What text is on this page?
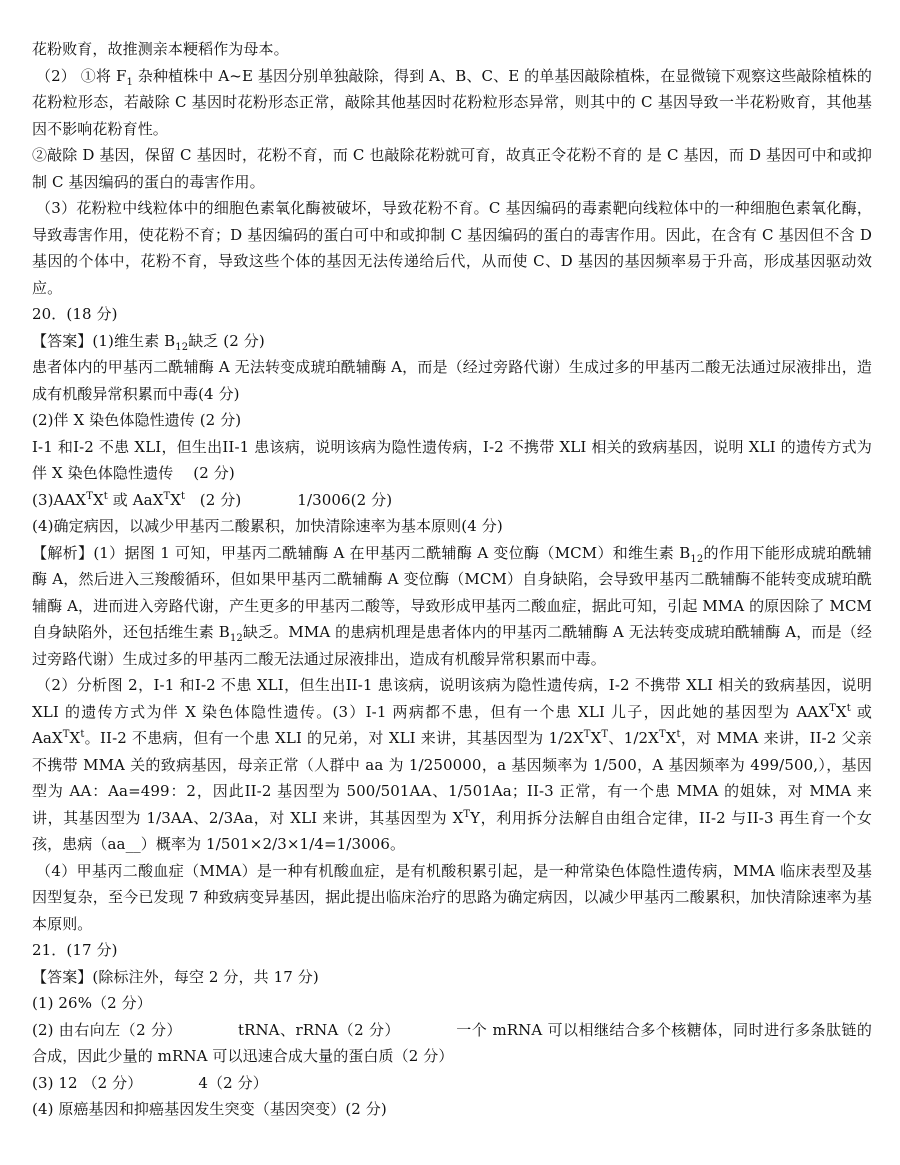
花粉败育，故推测亲本粳稻作为母本。

（2） ①将 $F_1$ 杂种植株中 A~E 基因分别单独敲除，得到 A、B、C、E 的单基因敲除植株，在显微镜下观察这些敲除植株的花粉粒形态，若敲除 C 基因时花粉形态正常，敲除其他基因时花粉粒形态异常，则其中的 C 基因导致一半花粉败育，其他基因不影响花粉育性。

②敲除 D 基因，保留 C 基因时，花粉不育，而 C 也敲除花粉就可育，故真正令花粉不育的 是 C 基因，而 D 基因可中和或抑制 C 基因编码的蛋白的毒害作用。

（3）花粉粒中线粒体中的细胞色素氧化酶被破坏，导致花粉不育。C 基因编码的毒素靶向线粒体中的一种细胞色素氧化酶，导致毒害作用，使花粉不育；D 基因编码的蛋白可中和或抑制 C 基因编码的蛋白的毒害作用。因此，在含有 C 基因但不含 D 基因的个体中，花粉不育，导致这些个体的基因无法传递给后代，从而使 C、D 基因的基因频率易于升高，形成基因驱动效应。

20．(18 分)

【答案】(1)维生素 $B_{12}$缺乏 (2 分)

患者体内的甲基丙二酰辅酶 A 无法转变成琥珀酰辅酶 A，而是（经过旁路代谢）生成过多的甲基丙二酸无法通过尿液排出，造成有机酸异常积累而中毒(4 分)

(2)伴 X 染色体隐性遗传 (2 分)

I-1 和I-2 不患 XLI，但生出II-1 患该病，说明该病为隐性遗传病，I-2 不携带 XLI 相关的致病基因，说明 XLI 的遗传方式为伴 X 染色体隐性遗传　 (2 分)

$(3)AAX^TX^t$ 或 $AaX^TX^t$   (2 分)	1/3006(2 分)

(4)确定病因，以减少甲基丙二酸累积，加快清除速率为基本原则(4 分)

【解析】(1）据图 1 可知，甲基丙二酰辅酶 A 在甲基丙二酰辅酶 A 变位酶（MCM）和维生素 $B_{12}$的作用下能形成琥珀酰辅酶 A，然后进入三羧酸循环，但如果甲基丙二酰辅酶 A 变位酶（MCM）自身缺陷，会导致甲基丙二酰辅酶不能转变成琥珀酰辅酶 A，进而进入旁路代谢，产生更多的甲基丙二酸等，导致形成甲基丙二酸血症，据此可知，引起 MMA 的原因除了 MCM 自身缺陷外，还包括维生素 $B_{12}$缺乏。MMA 的患病机理是患者体内的甲基丙二酰辅酶 A 无法转变成琥珀酰辅酶 A，而是（经过旁路代谢）生成过多的甲基丙二酸无法通过尿液排出，造成有机酸异常积累而中毒。

（2）分析图 2，I-1 和I-2 不患 XLI，但生出II-1 患该病，说明该病为隐性遗传病，I-2 不携带 XLI 相关的致病基因，说明 XLI 的遗传方式为伴 X 染色体隐性遗传。(3）I-1 两病都不患，但有一个患 XLI 儿子，因此她的基因型为 $AAX^TX^t$ 或 $AaX^TX^t$。II-2 不患病，但有一个患 XLI 的兄弟，对 XLI 来讲，其基因型为 $1/2X^TX^T$、$1/2X^TX^t$，对 MMA 来讲，II-2 父亲不携带 MMA 关的致病基因，母亲正常（人群中 aa 为 1/250000，a 基因频率为 1/500，A 基因频率为 499/500,），基因型为 AA：Aa=499：2，因此II-2 基因型为 500/501AA、1/501Aa；II-3 正常，有一个患 MMA 的姐妹，对 MMA 来讲，其基因型为 1/3AA、2/3Aa，对 XLI 来讲，其基因型为 $X^TY$，利用拆分法解自由组合定律，II-2 与II-3 再生育一个女孩，患病（aa__）概率为 1/501×2/3×1/4=1/3006。

（4）甲基丙二酸血症（MMA）是一种有机酸血症，是有机酸积累引起，是一种常染色体隐性遗传病，MMA 临床表型及基因型复杂，至今已发现 7 种致病变异基因，据此提出临床治疗的思路为确定病因，以减少甲基丙二酸累积，加快清除速率为基本原则。

21．(17 分)

【答案】(除标注外，每空 2 分，共 17 分)

(1) 26%（2 分）

(2) 由右向左（2 分）	tRNA、rRNA（2 分）	一个 mRNA 可以相继结合多个核糖体，同时进行多条肽链的合成，因此少量的 mRNA 可以迅速合成大量的蛋白质（2 分）

(3) 12 （2 分）	4（2 分）

(4) 原癌基因和抑癌基因发生突变（基因突变）(2 分)
